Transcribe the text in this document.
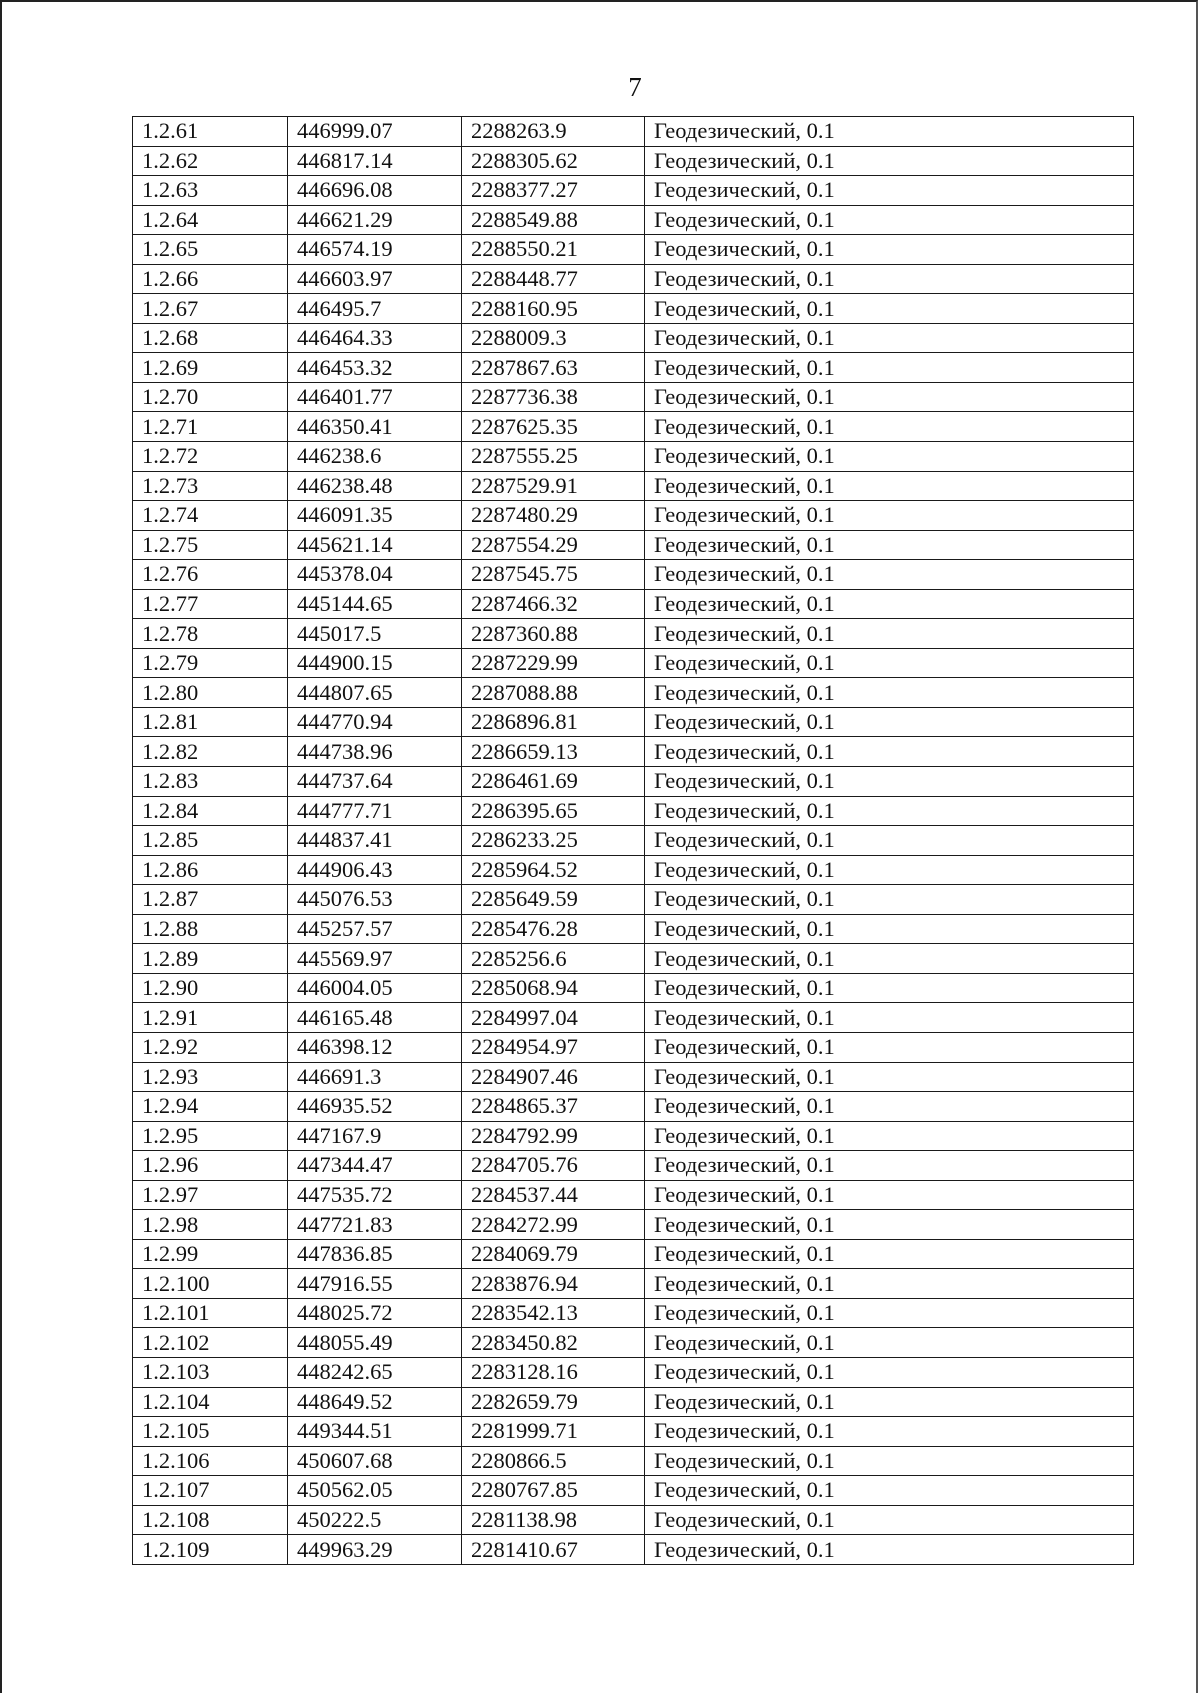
7
1.2.61	446999.07	2288263.9	Геодезический, 0.1
1.2.62	446817.14	2288305.62	Геодезический, 0.1
1.2.63	446696.08	2288377.27	Геодезический, 0.1
1.2.64	446621.29	2288549.88	Геодезический, 0.1
1.2.65	446574.19	2288550.21	Геодезический, 0.1
1.2.66	446603.97	2288448.77	Геодезический, 0.1
1.2.67	446495.7	2288160.95	Геодезический, 0.1
1.2.68	446464.33	2288009.3	Геодезический, 0.1
1.2.69	446453.32	2287867.63	Геодезический, 0.1
1.2.70	446401.77	2287736.38	Геодезический, 0.1
1.2.71	446350.41	2287625.35	Геодезический, 0.1
1.2.72	446238.6	2287555.25	Геодезический, 0.1
1.2.73	446238.48	2287529.91	Геодезический, 0.1
1.2.74	446091.35	2287480.29	Геодезический, 0.1
1.2.75	445621.14	2287554.29	Геодезический, 0.1
1.2.76	445378.04	2287545.75	Геодезический, 0.1
1.2.77	445144.65	2287466.32	Геодезический, 0.1
1.2.78	445017.5	2287360.88	Геодезический, 0.1
1.2.79	444900.15	2287229.99	Геодезический, 0.1
1.2.80	444807.65	2287088.88	Геодезический, 0.1
1.2.81	444770.94	2286896.81	Геодезический, 0.1
1.2.82	444738.96	2286659.13	Геодезический, 0.1
1.2.83	444737.64	2286461.69	Геодезический, 0.1
1.2.84	444777.71	2286395.65	Геодезический, 0.1
1.2.85	444837.41	2286233.25	Геодезический, 0.1
1.2.86	444906.43	2285964.52	Геодезический, 0.1
1.2.87	445076.53	2285649.59	Геодезический, 0.1
1.2.88	445257.57	2285476.28	Геодезический, 0.1
1.2.89	445569.97	2285256.6	Геодезический, 0.1
1.2.90	446004.05	2285068.94	Геодезический, 0.1
1.2.91	446165.48	2284997.04	Геодезический, 0.1
1.2.92	446398.12	2284954.97	Геодезический, 0.1
1.2.93	446691.3	2284907.46	Геодезический, 0.1
1.2.94	446935.52	2284865.37	Геодезический, 0.1
1.2.95	447167.9	2284792.99	Геодезический, 0.1
1.2.96	447344.47	2284705.76	Геодезический, 0.1
1.2.97	447535.72	2284537.44	Геодезический, 0.1
1.2.98	447721.83	2284272.99	Геодезический, 0.1
1.2.99	447836.85	2284069.79	Геодезический, 0.1
1.2.100	447916.55	2283876.94	Геодезический, 0.1
1.2.101	448025.72	2283542.13	Геодезический, 0.1
1.2.102	448055.49	2283450.82	Геодезический, 0.1
1.2.103	448242.65	2283128.16	Геодезический, 0.1
1.2.104	448649.52	2282659.79	Геодезический, 0.1
1.2.105	449344.51	2281999.71	Геодезический, 0.1
1.2.106	450607.68	2280866.5	Геодезический, 0.1
1.2.107	450562.05	2280767.85	Геодезический, 0.1
1.2.108	450222.5	2281138.98	Геодезический, 0.1
1.2.109	449963.29	2281410.67	Геодезический, 0.1
